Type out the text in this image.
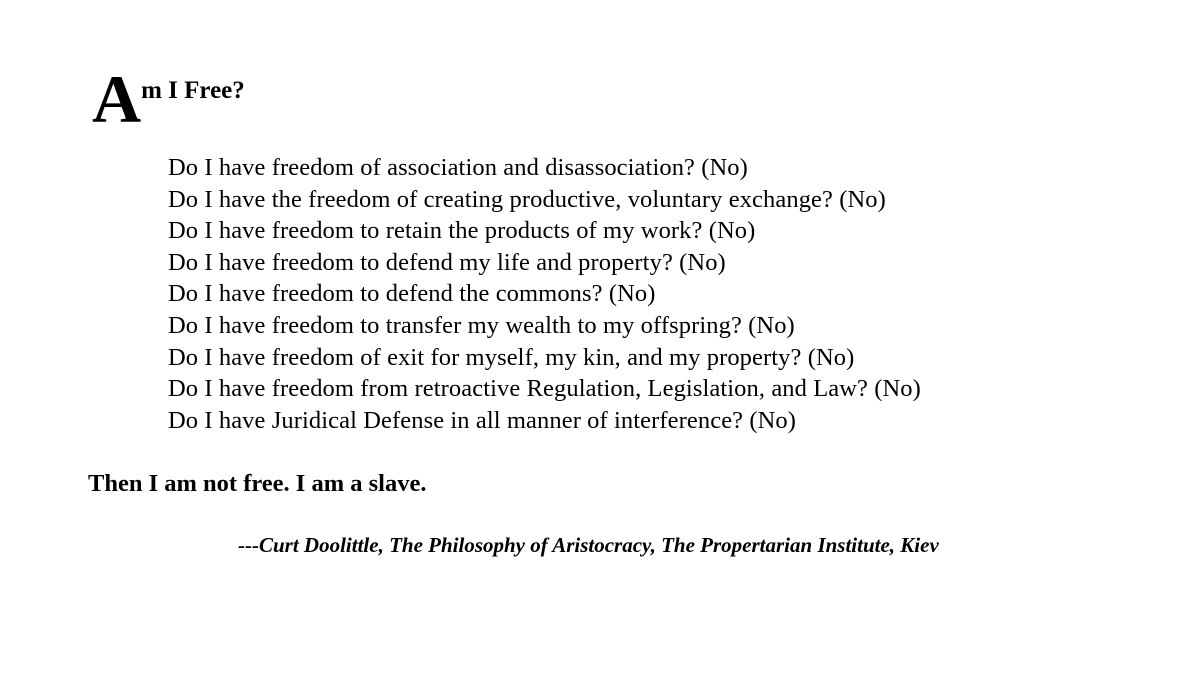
A m I Free?
Do I have freedom of association and disassociation? (No)
Do I have the freedom of creating productive, voluntary exchange? (No)
Do I have freedom to retain the products of my work? (No)
Do I have freedom to defend my life and property? (No)
Do I have freedom to defend the commons? (No)
Do I have freedom to transfer my wealth to my offspring? (No)
Do I have freedom of exit for myself, my kin, and my property? (No)
Do I have freedom from retroactive Regulation, Legislation, and Law? (No)
Do I have Juridical Defense in all manner of interference? (No)
Then I am not free. I am a slave.
---Curt Doolittle, The Philosophy of Aristocracy, The Propertarian Institute, Kiev
